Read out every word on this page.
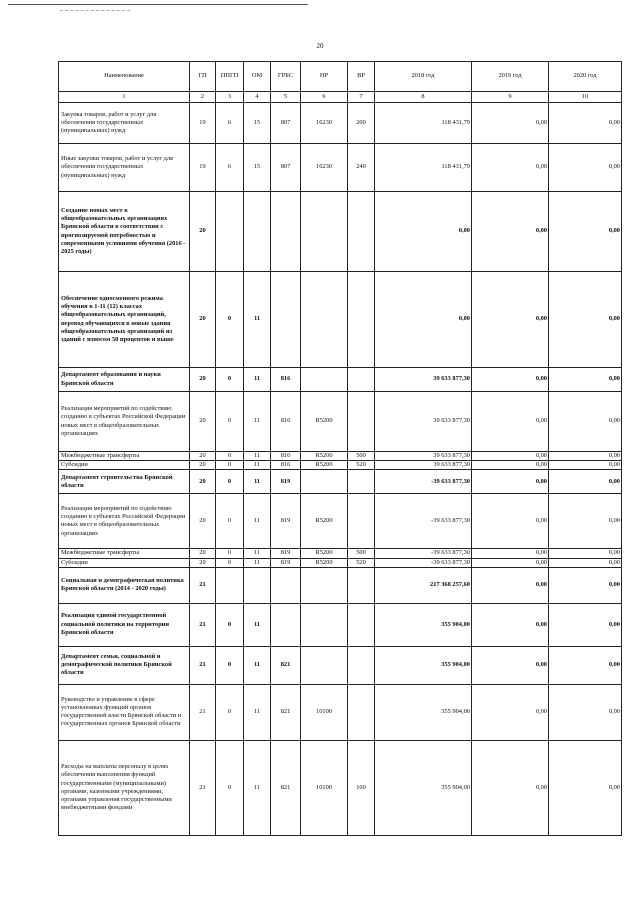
20
Наименование	ГП	ППГП	ОМ	ГРБС	НР	ВР	2018 год	2019 год	2020 год
1	2	3	4	5	6	7	8	9	10
Закупка товаров, работ и услуг для обеспечения государственных (муниципальных) нужд	19	6	15	807	16230	200	118 431,79	0,00	0,00
Иные закупки товаров, работ и услуг для обеспечения государственных (муниципальных) нужд	19	6	15	807	16230	240	118 431,79	0,00	0,00
Создание новых мест в общеобразовательных организациях Брянской области в соответствии с прогнозируемой потребностью и современными условиями обучения (2016 - 2025 годы)	20						0,00	0,00	0,00
Обеспечение односменного режима обучения в 1-11 (12) классах общеобразовательных организаций, перевод обучающихся в новые здания общеобразовательных организаций из зданий с износом 50 процентов и выше	20	0	11				0,00	0,00	0,00
Департамент образования и науки Брянской области	20	0	11	816			39 633 877,30	0,00	0,00
Реализация мероприятий по содействию созданию в субъектах Российской Федерации новых мест в общеобразовательных организациях	20	0	11	816	R5200		39 633 877,30	0,00	0,00
Межбюджетные трансферты	20	0	11	816	R5200	500	39 633 877,30	0,00	0,00
Субсидии	20	0	11	816	R5200	520	39 633 877,30	0,00	0,00
Департамент строительства Брянской области	20	0	11	819			-39 633 877,30	0,00	0,00
Реализация мероприятий по содействию созданию в субъектах Российской Федерации новых мест в общеобразовательных организациях	20	0	11	819	R5200		-39 633 877,30	0,00	0,00
Межбюджетные трансферты	20	0	11	819	R5200	500	-39 633 877,30	0,00	0,00
Субсидии	20	0	11	819	R5200	520	-39 633 877,30	0,00	0,00
Социальная и демографическая политика Брянской области (2014 - 2020 годы)	21						217 368 257,60	0,00	0,00
Реализация единой государственной социальной политики на территории Брянской области	21	0	11				355 904,00	0,00	0,00
Департамент семьи, социальной и демографической политики Брянской области	21	0	11	821			355 904,00	0,00	0,00
Руководство и управление в сфере установленных функций органов государственной власти Брянской области и государственных органов Брянской области	21	0	11	821	10100		355 904,00	0,00	0,00
Расходы на выплаты персоналу в целях обеспечения выполнения функций государственными (муниципальными) органами, казенными учреждениями, органами управления государственными внебюджетными фондами	21	0	11	821	10100	100	355 904,00	0,00	0,00
